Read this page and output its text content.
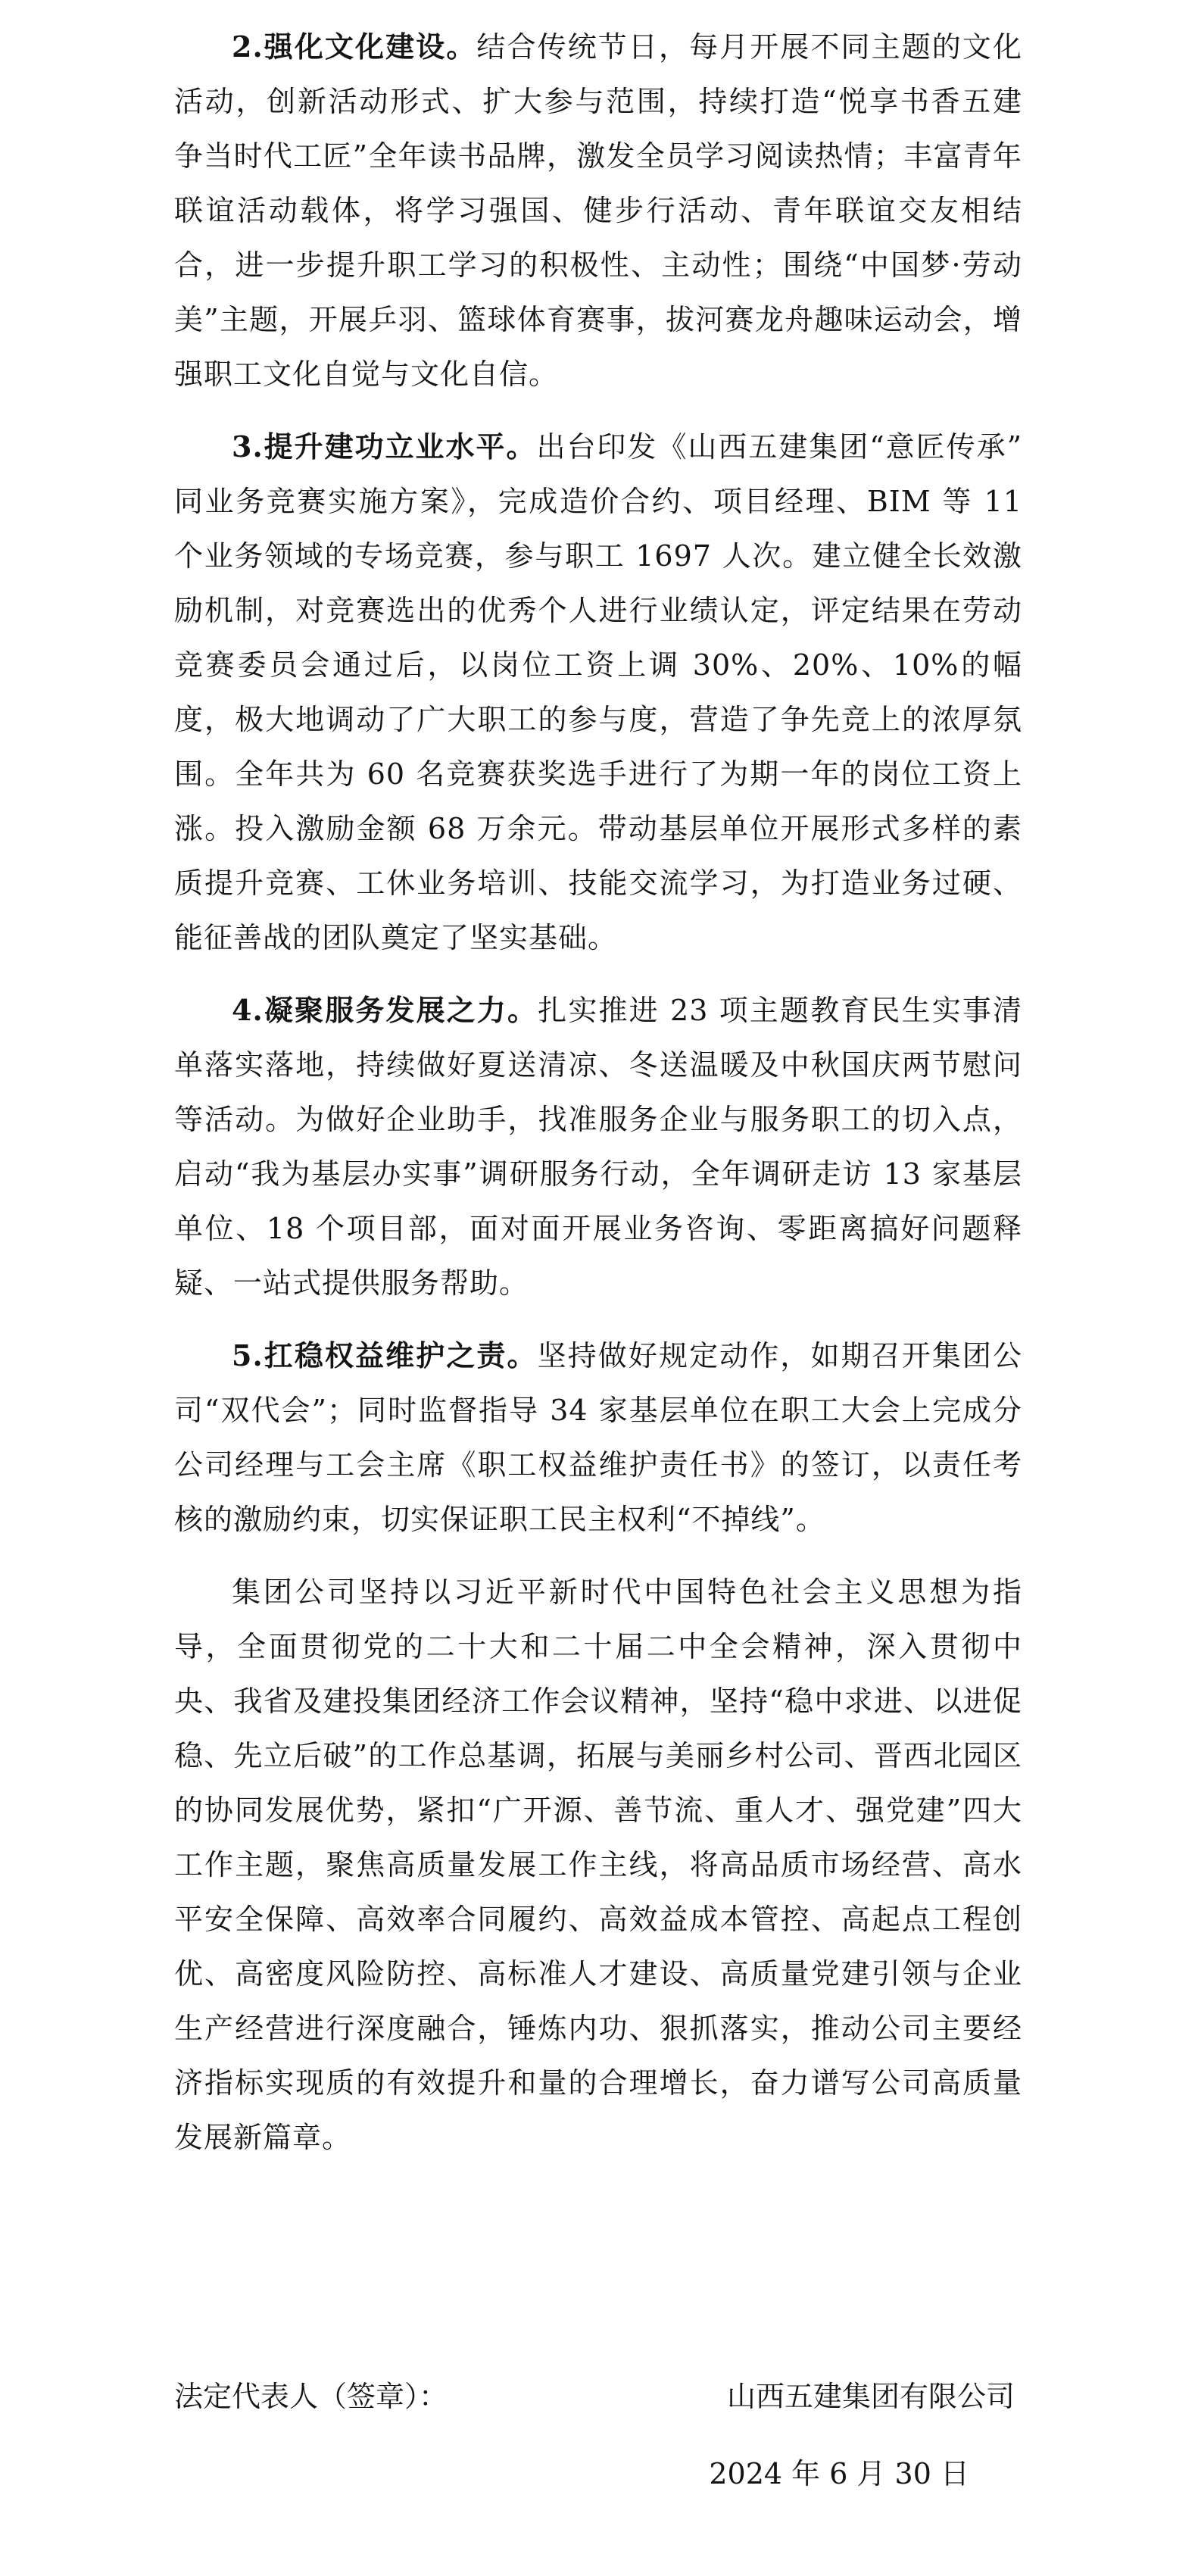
2.强化文化建设。结合传统节日，每月开展不同主题的文化活动，创新活动形式、扩大参与范围，持续打造“悦享书香五建 争当时代工匠”全年读书品牌，激发全员学习阅读热情；丰富青年联谊活动载体，将学习强国、健步行活动、青年联谊交友相结合，进一步提升职工学习的积极性、主动性；围绕“中国梦·劳动美”主题，开展乒羽、篮球体育赛事，拔河赛龙舟趣味运动会，增强职工文化自觉与文化自信。

3.提升建功立业水平。出台印发《山西五建集团“意匠传承”同业务竞赛实施方案》，完成造价合约、项目经理、BIM 等 11 个业务领域的专场竞赛，参与职工 1697 人次。建立健全长效激励机制，对竞赛选出的优秀个人进行业绩认定，评定结果在劳动竞赛委员会通过后，以岗位工资上调 30%、20%、10%的幅度，极大地调动了广大职工的参与度，营造了争先竞上的浓厚氛围。全年共为 60 名竞赛获奖选手进行了为期一年的岗位工资上涨。投入激励金额 68 万余元。带动基层单位开展形式多样的素质提升竞赛、工休业务培训、技能交流学习，为打造业务过硬、能征善战的团队奠定了坚实基础。

4.凝聚服务发展之力。扎实推进 23 项主题教育民生实事清单落实落地，持续做好夏送清凉、冬送温暖及中秋国庆两节慰问等活动。为做好企业助手，找准服务企业与服务职工的切入点，启动“我为基层办实事”调研服务行动，全年调研走访 13 家基层单位、18 个项目部，面对面开展业务咨询、零距离搞好问题释疑、一站式提供服务帮助。

5.扛稳权益维护之责。坚持做好规定动作，如期召开集团公司“双代会”；同时监督指导 34 家基层单位在职工大会上完成分公司经理与工会主席《职工权益维护责任书》的签订，以责任考核的激励约束，切实保证职工民主权利“不掉线”。

集团公司坚持以习近平新时代中国特色社会主义思想为指导，全面贯彻党的二十大和二十届二中全会精神，深入贯彻中央、我省及建投集团经济工作会议精神，坚持“稳中求进、以进促稳、先立后破”的工作总基调，拓展与美丽乡村公司、晋西北园区的协同发展优势，紧扣“广开源、善节流、重人才、强党建”四大工作主题，聚焦高质量发展工作主线，将高品质市场经营、高水平安全保障、高效率合同履约、高效益成本管控、高起点工程创优、高密度风险防控、高标准人才建设、高质量党建引领与企业生产经营进行深度融合，锤炼内功、狠抓落实，推动公司主要经济指标实现质的有效提升和量的合理增长，奋力谱写公司高质量发展新篇章。

法定代表人（签章）：	山西五建集团有限公司
2024 年 6 月 30 日
